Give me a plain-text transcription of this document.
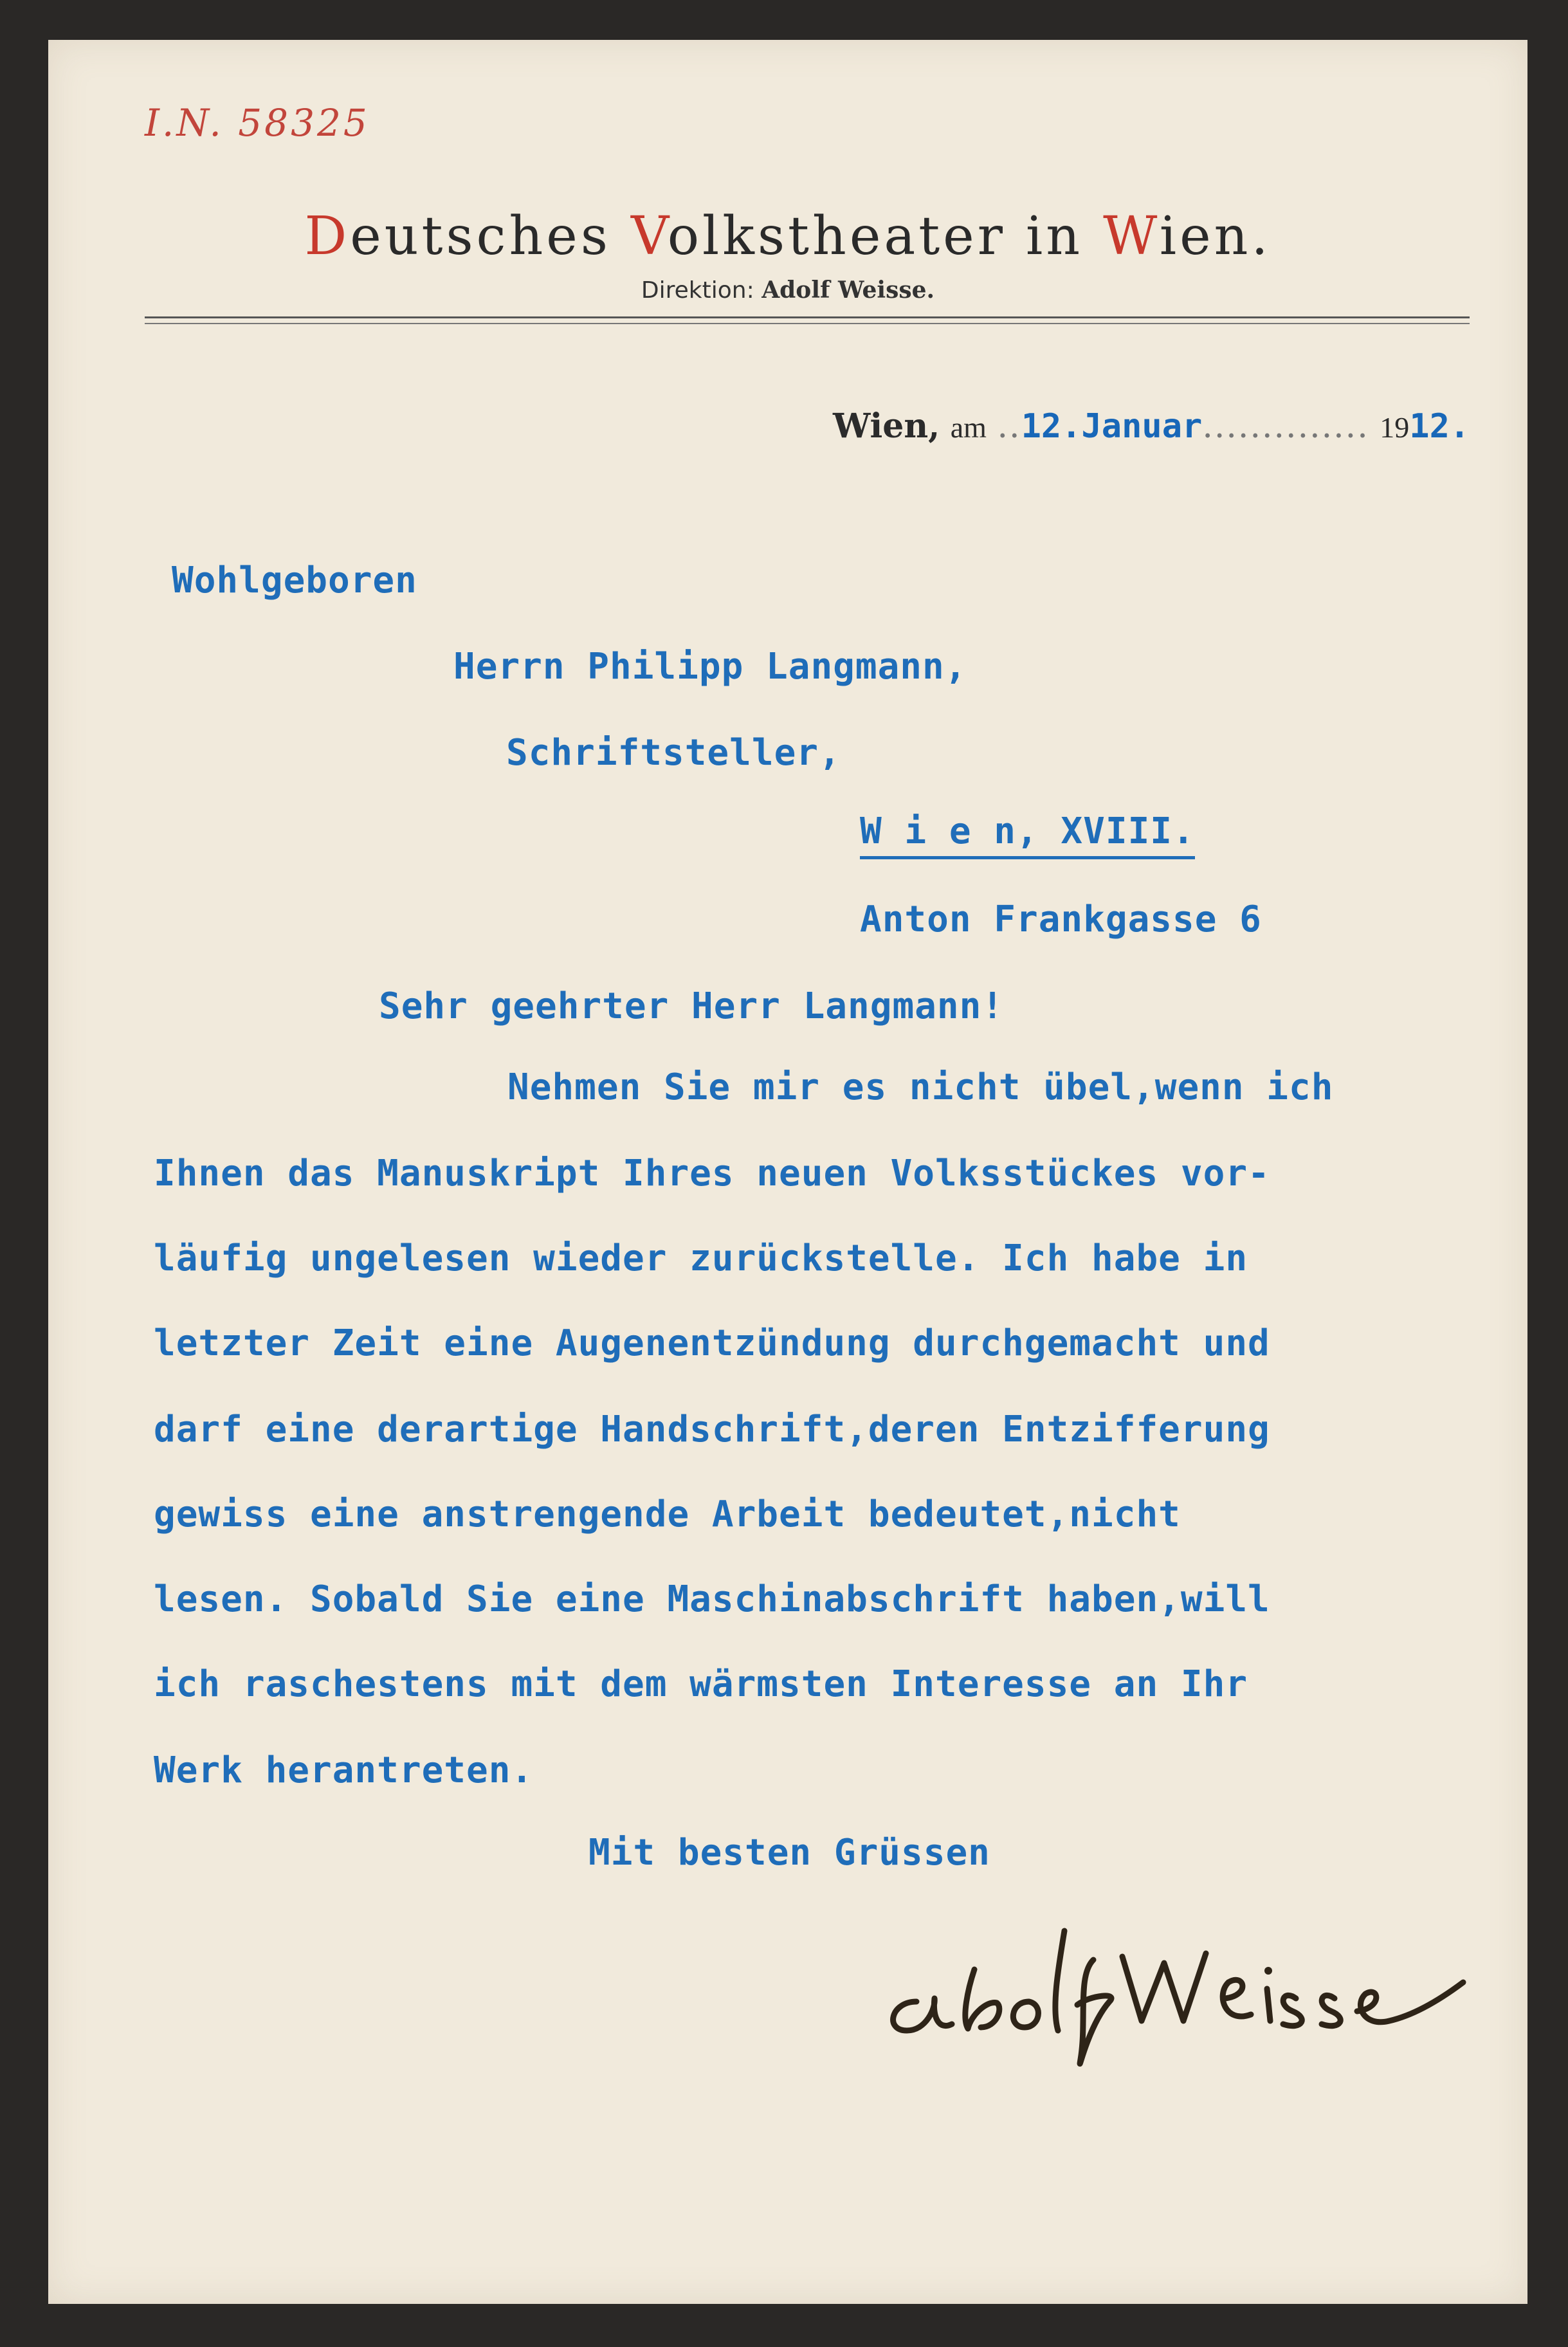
I.N. 58325
Deutsches Volkstheater in Wien.
Direktion: Adolf Weisse.
Wien, am ..12.Januar.............. 1912.
Wohlgeboren
Herrn Philipp Langmann,
Schriftsteller,
W i e n, XVIII.
Anton Frankgasse 6
Sehr geehrter Herr Langmann!
Nehmen Sie mir es nicht übel,wenn ich
Ihnen das Manuskript Ihres neuen Volksstückes vor-
läufig ungelesen wieder zurückstelle. Ich habe in
letzter Zeit eine Augenentzündung durchgemacht und
darf eine derartige Handschrift,deren Entzifferung
gewiss eine anstrengende Arbeit bedeutet,nicht
lesen. Sobald Sie eine Maschinabschrift haben,will
ich raschestens mit dem wärmsten Interesse an Ihr
Werk herantreten.
Mit besten Grüssen
